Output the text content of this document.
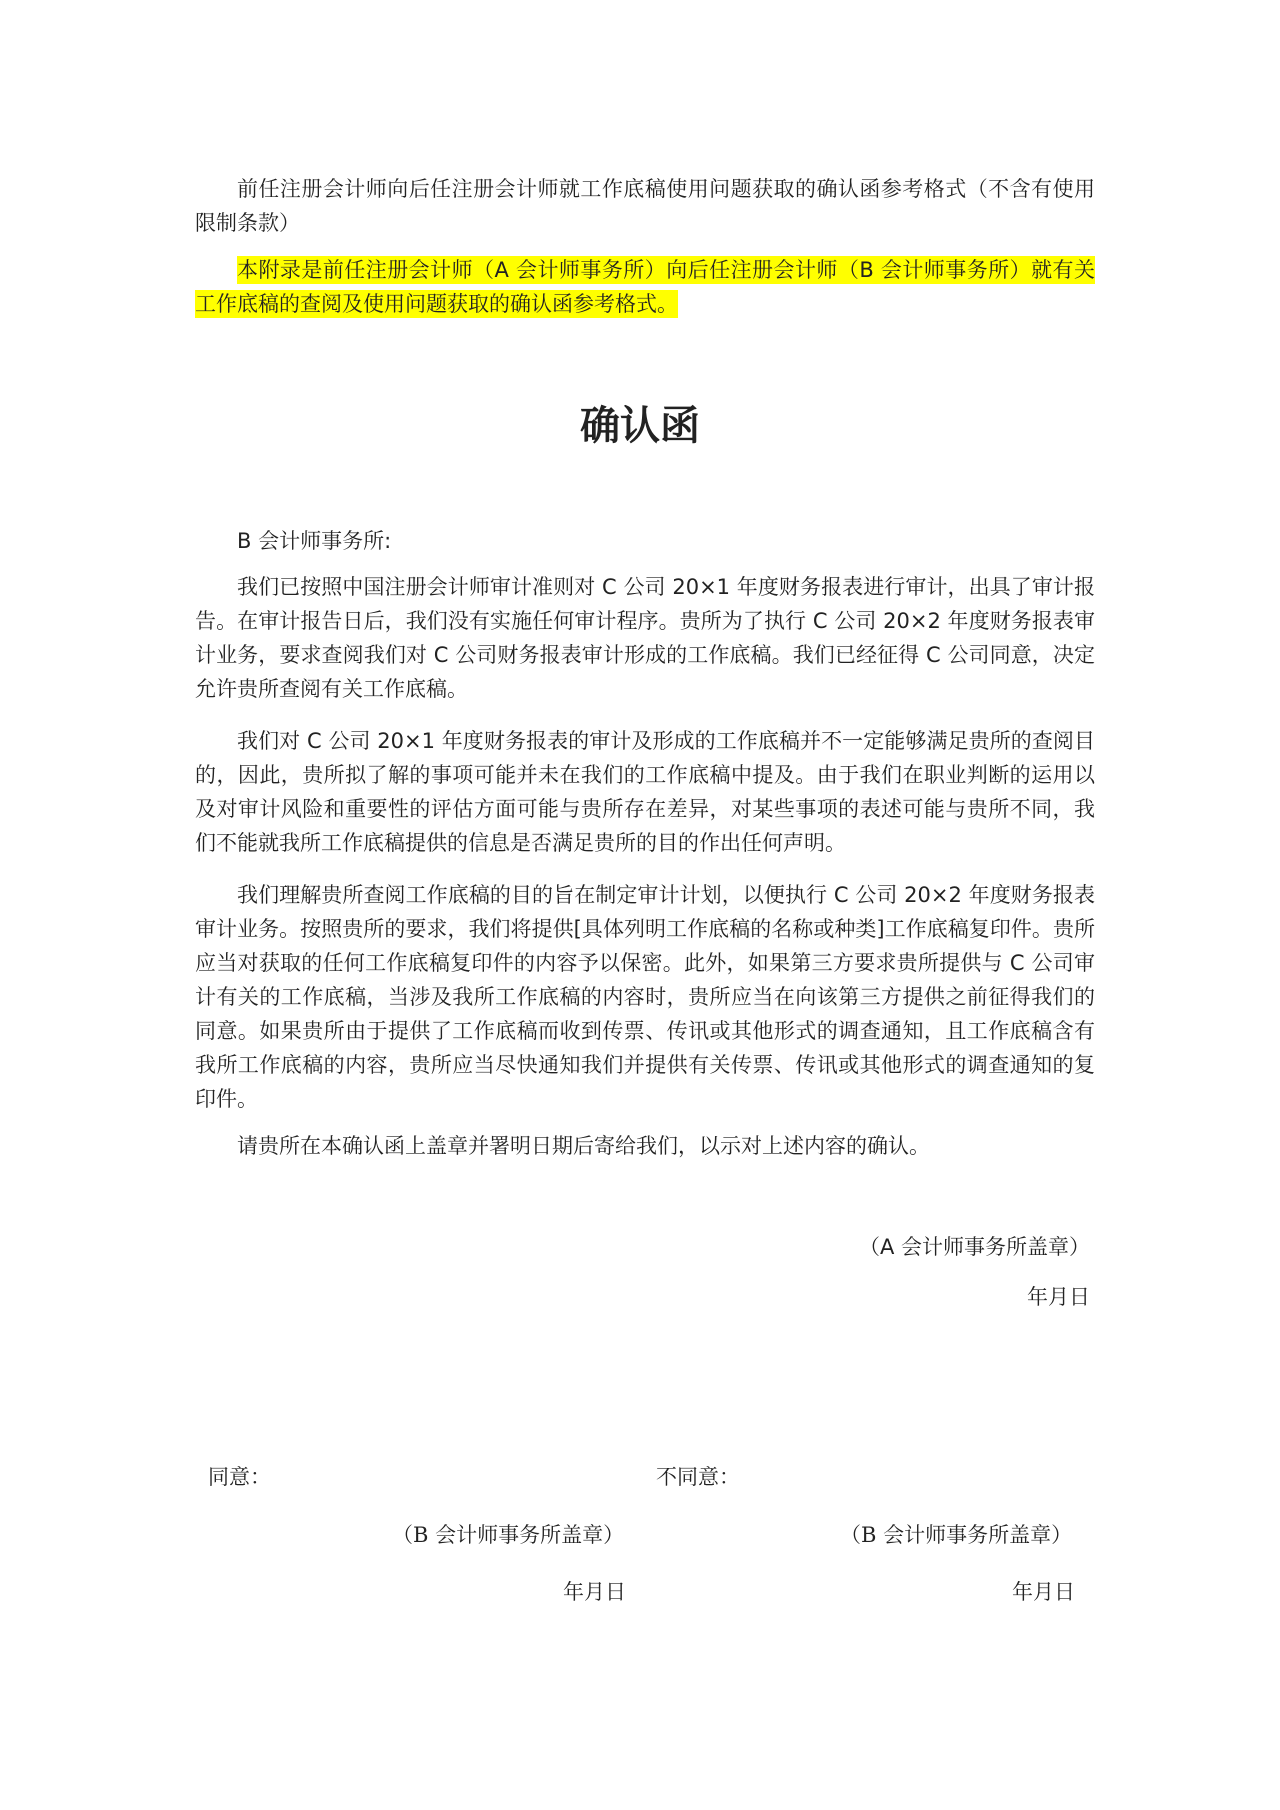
前任注册会计师向后任注册会计师就工作底稿使用问题获取的确认函参考格式（不含有使用限制条款）

本附录是前任注册会计师（A 会计师事务所）向后任注册会计师（B 会计师事务所）就有关工作底稿的查阅及使用问题获取的确认函参考格式。

确认函

B 会计师事务所:

我们已按照中国注册会计师审计准则对 C 公司 20×1 年度财务报表进行审计，出具了审计报告。在审计报告日后，我们没有实施任何审计程序。贵所为了执行 C 公司 20×2 年度财务报表审计业务，要求查阅我们对 C 公司财务报表审计形成的工作底稿。我们已经征得 C 公司同意，决定允许贵所查阅有关工作底稿。

我们对 C 公司 20×1 年度财务报表的审计及形成的工作底稿并不一定能够满足贵所的查阅目的，因此，贵所拟了解的事项可能并未在我们的工作底稿中提及。由于我们在职业判断的运用以及对审计风险和重要性的评估方面可能与贵所存在差异，对某些事项的表述可能与贵所不同，我们不能就我所工作底稿提供的信息是否满足贵所的目的作出任何声明。

我们理解贵所查阅工作底稿的目的旨在制定审计计划，以便执行 C 公司 20×2 年度财务报表审计业务。按照贵所的要求，我们将提供[具体列明工作底稿的名称或种类]工作底稿复印件。贵所应当对获取的任何工作底稿复印件的内容予以保密。此外，如果第三方要求贵所提供与 C 公司审计有关的工作底稿，当涉及我所工作底稿的内容时，贵所应当在向该第三方提供之前征得我们的同意。如果贵所由于提供了工作底稿而收到传票、传讯或其他形式的调查通知，且工作底稿含有我所工作底稿的内容，贵所应当尽快通知我们并提供有关传票、传讯或其他形式的调查通知的复印件。

请贵所在本确认函上盖章并署明日期后寄给我们，以示对上述内容的确认。

（A 会计师事务所盖章）
年月日
同意：	不同意：
（B 会计师事务所盖章）	（B 会计师事务所盖章）
年月日	年月日
